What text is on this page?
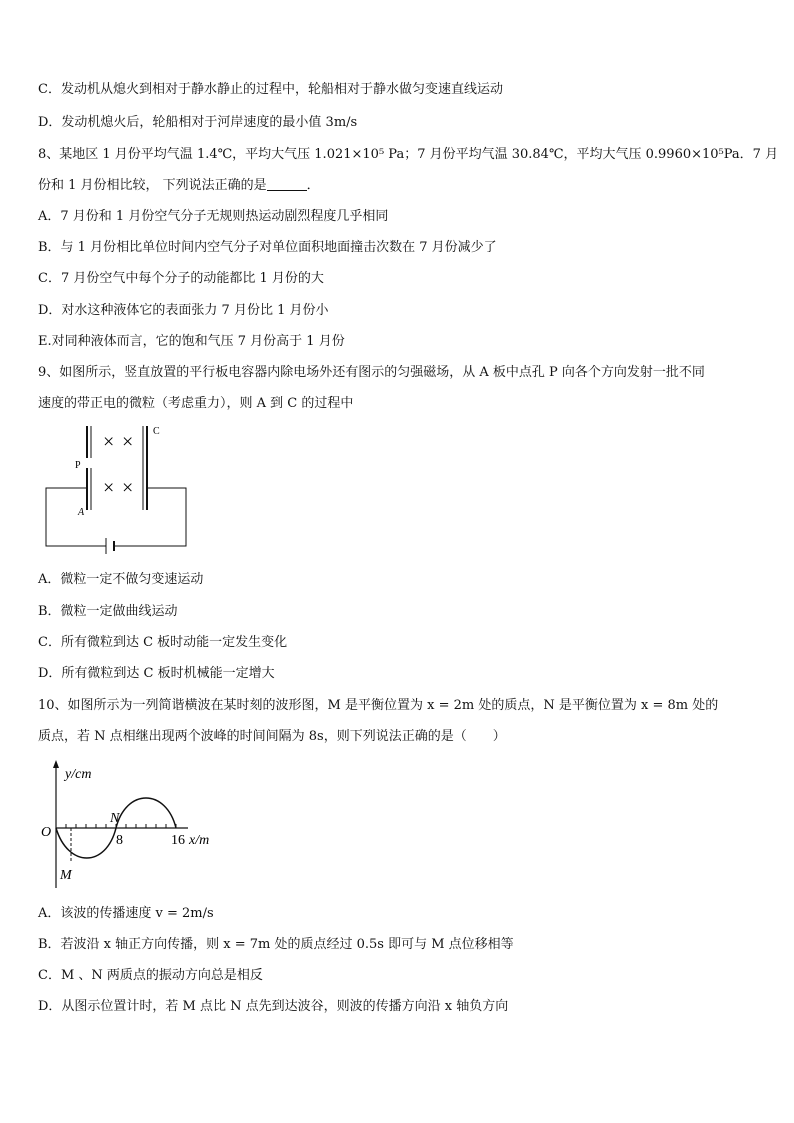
C．发动机从熄火到相对于静水静止的过程中，轮船相对于静水做匀变速直线运动
D．发动机熄火后，轮船相对于河岸速度的最小值 3m/s
8、某地区 1 月份平均气温 1.4℃，平均大气压 1.021×10⁵ Pa；7 月份平均气温 30.84℃，平均大气压 0.9960×10⁵Pa．7 月
份和 1 月份相比较， 下列说法正确的是	．
A．7 月份和 1 月份空气分子无规则热运动剧烈程度几乎相同
B．与 1 月份相比单位时间内空气分子对单位面积地面撞击次数在 7 月份减少了
C．7 月份空气中每个分子的动能都比 1 月份的大
D．对水这种液体它的表面张力 7 月份比 1 月份小
E.对同种液体而言，它的饱和气压 7 月份高于 1 月份
9、如图所示，竖直放置的平行板电容器内除电场外还有图示的匀强磁场，从 A 板中点孔 P 向各个方向发射一批不同
速度的带正电的微粒（考虑重力），则 A 到 C 的过程中
× ×
× ×
P
A
C
A．微粒一定不做匀变速运动
B．微粒一定做曲线运动
C．所有微粒到达 C 板时动能一定发生变化
D．所有微粒到达 C 板时机械能一定增大
10、如图所示为一列简谐横波在某时刻的波形图，M 是平衡位置为 x = 2m 处的质点，N 是平衡位置为 x = 8m 处的
质点，若 N 点相继出现两个波峰的时间间隔为 8s，则下列说法正确的是（　　）
y/cm
O
N
8	16 x/m
M
A．该波的传播速度 v = 2m/s
B．若波沿 x 轴正方向传播，则 x = 7m 处的质点经过 0.5s 即可与 M 点位移相等
C．M 、N 两质点的振动方向总是相反
D．从图示位置计时，若 M 点比 N 点先到达波谷，则波的传播方向沿 x 轴负方向
